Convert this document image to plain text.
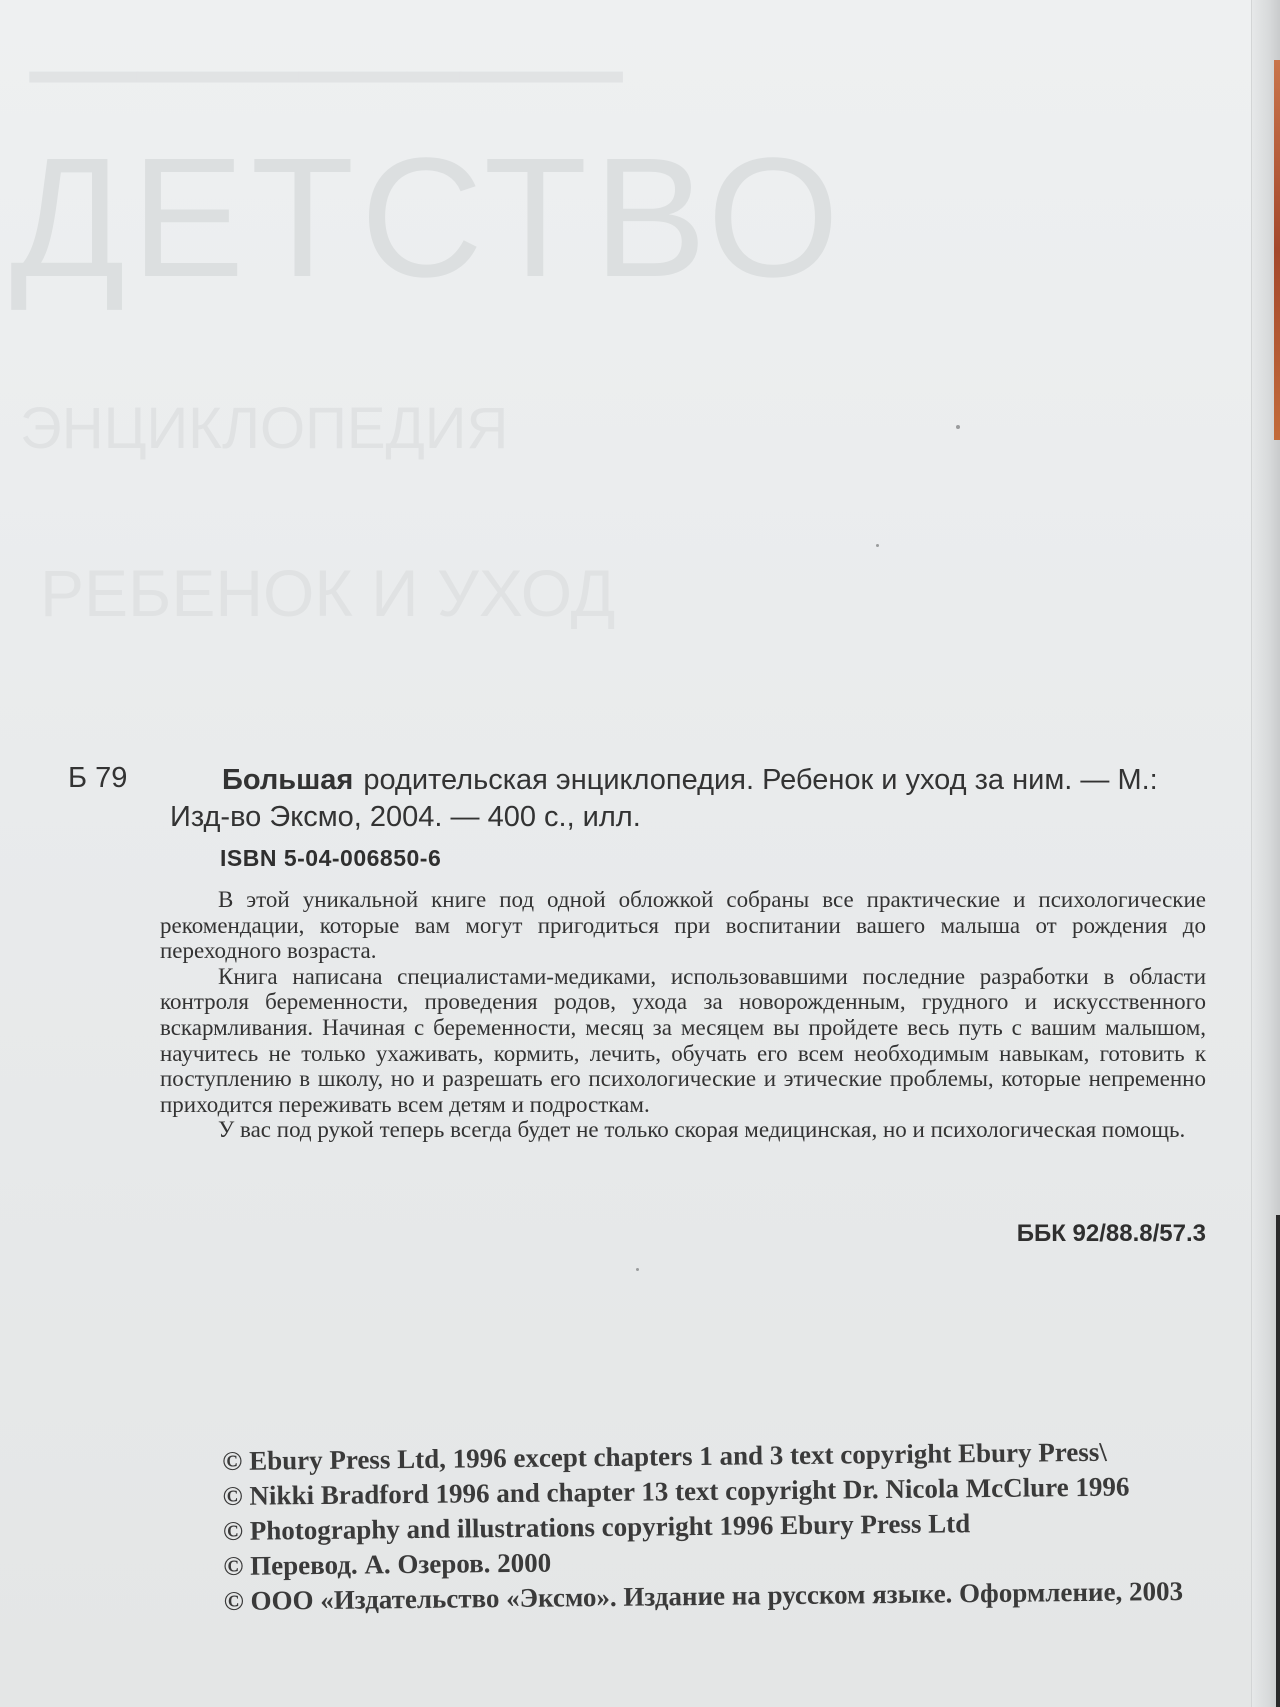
▁▁▁▁▁▁▁▁▁▁▁
ДЕТСТВО
ЭНЦИКЛОПЕДИЯ
РЕБЕНОК И УХОД
Б 79	Большая родительская энциклопедия. Ребенок и уход за ним. — М.: Изд-во Эксмо, 2004. — 400 с., илл.
ISBN 5-04-006850-6

В этой уникальной книге под одной обложкой собраны все практические и психологические рекомендации, которые вам могут пригодиться при воспитании вашего малыша от рождения до переходного возраста.

Книга написана специалистами-медиками, использовавшими последние разработки в области контроля беременности, проведения родов, ухода за новорожденным, грудного и искусственного вскармливания. Начиная с беременности, месяц за месяцем вы пройдете весь путь с вашим малышом, научитесь не только ухаживать, кормить, лечить, обучать его всем необходимым навыкам, готовить к поступлению в школу, но и разрешать его психологические и этические проблемы, которые непременно приходится переживать всем детям и подросткам.

У вас под рукой теперь всегда будет не только скорая медицинская, но и психологическая помощь.

ББК 92/88.8/57.3
© Ebury Press Ltd, 1996 except chapters 1 and 3 text copyright Ebury Press\
© Nikki Bradford 1996 and chapter 13 text copyright Dr. Nicola McClure 1996
© Photography and illustrations copyright 1996 Ebury Press Ltd
© Перевод. А. Озеров. 2000
© ООО «Издательство «Эксмо». Издание на русском языке. Оформление, 2003
